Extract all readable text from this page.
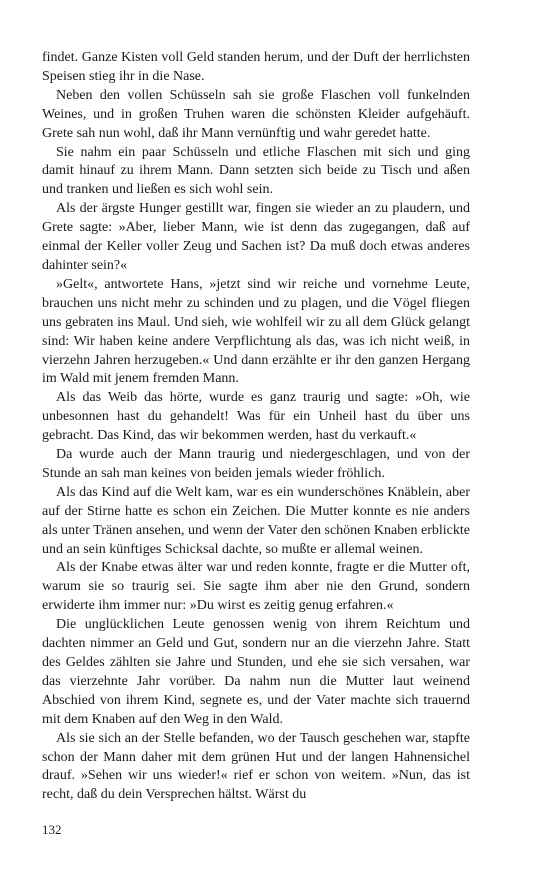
findet. Ganze Kisten voll Geld standen herum, und der Duft der herrlichsten Speisen stieg ihr in die Nase.

Neben den vollen Schüsseln sah sie große Flaschen voll funkelnden Weines, und in großen Truhen waren die schönsten Kleider aufgehäuft. Grete sah nun wohl, daß ihr Mann vernünftig und wahr geredet hatte.

Sie nahm ein paar Schüsseln und etliche Flaschen mit sich und ging damit hinauf zu ihrem Mann. Dann setzten sich beide zu Tisch und aßen und tranken und ließen es sich wohl sein.

Als der ärgste Hunger gestillt war, fingen sie wieder an zu plaudern, und Grete sagte: »Aber, lieber Mann, wie ist denn das zugegangen, daß auf einmal der Keller voller Zeug und Sachen ist? Da muß doch etwas anderes dahinter sein?«

»Gelt«, antwortete Hans, »jetzt sind wir reiche und vornehme Leute, brauchen uns nicht mehr zu schinden und zu plagen, und die Vögel fliegen uns gebraten ins Maul. Und sieh, wie wohlfeil wir zu all dem Glück gelangt sind: Wir haben keine andere Verpflichtung als das, was ich nicht weiß, in vierzehn Jahren herzugeben.« Und dann erzählte er ihr den ganzen Hergang im Wald mit jenem fremden Mann.

Als das Weib das hörte, wurde es ganz traurig und sagte: »Oh, wie unbesonnen hast du gehandelt! Was für ein Unheil hast du über uns gebracht. Das Kind, das wir bekommen werden, hast du verkauft.«

Da wurde auch der Mann traurig und niedergeschlagen, und von der Stunde an sah man keines von beiden jemals wieder fröhlich.

Als das Kind auf die Welt kam, war es ein wunderschönes Knäblein, aber auf der Stirne hatte es schon ein Zeichen. Die Mutter konnte es nie anders als unter Tränen ansehen, und wenn der Vater den schönen Knaben erblickte und an sein künftiges Schicksal dachte, so mußte er allemal weinen.

Als der Knabe etwas älter war und reden konnte, fragte er die Mutter oft, warum sie so traurig sei. Sie sagte ihm aber nie den Grund, sondern erwiderte ihm immer nur: »Du wirst es zeitig genug erfahren.«

Die unglücklichen Leute genossen wenig von ihrem Reichtum und dachten nimmer an Geld und Gut, sondern nur an die vierzehn Jahre. Statt des Geldes zählten sie Jahre und Stunden, und ehe sie sich versahen, war das vierzehnte Jahr vorüber. Da nahm nun die Mutter laut weinend Abschied von ihrem Kind, segnete es, und der Vater machte sich trauernd mit dem Knaben auf den Weg in den Wald.

Als sie sich an der Stelle befanden, wo der Tausch geschehen war, stapfte schon der Mann daher mit dem grünen Hut und der langen Hahnensichel drauf. »Sehen wir uns wieder!« rief er schon von weitem. »Nun, das ist recht, daß du dein Versprechen hältst. Wärst du

132
